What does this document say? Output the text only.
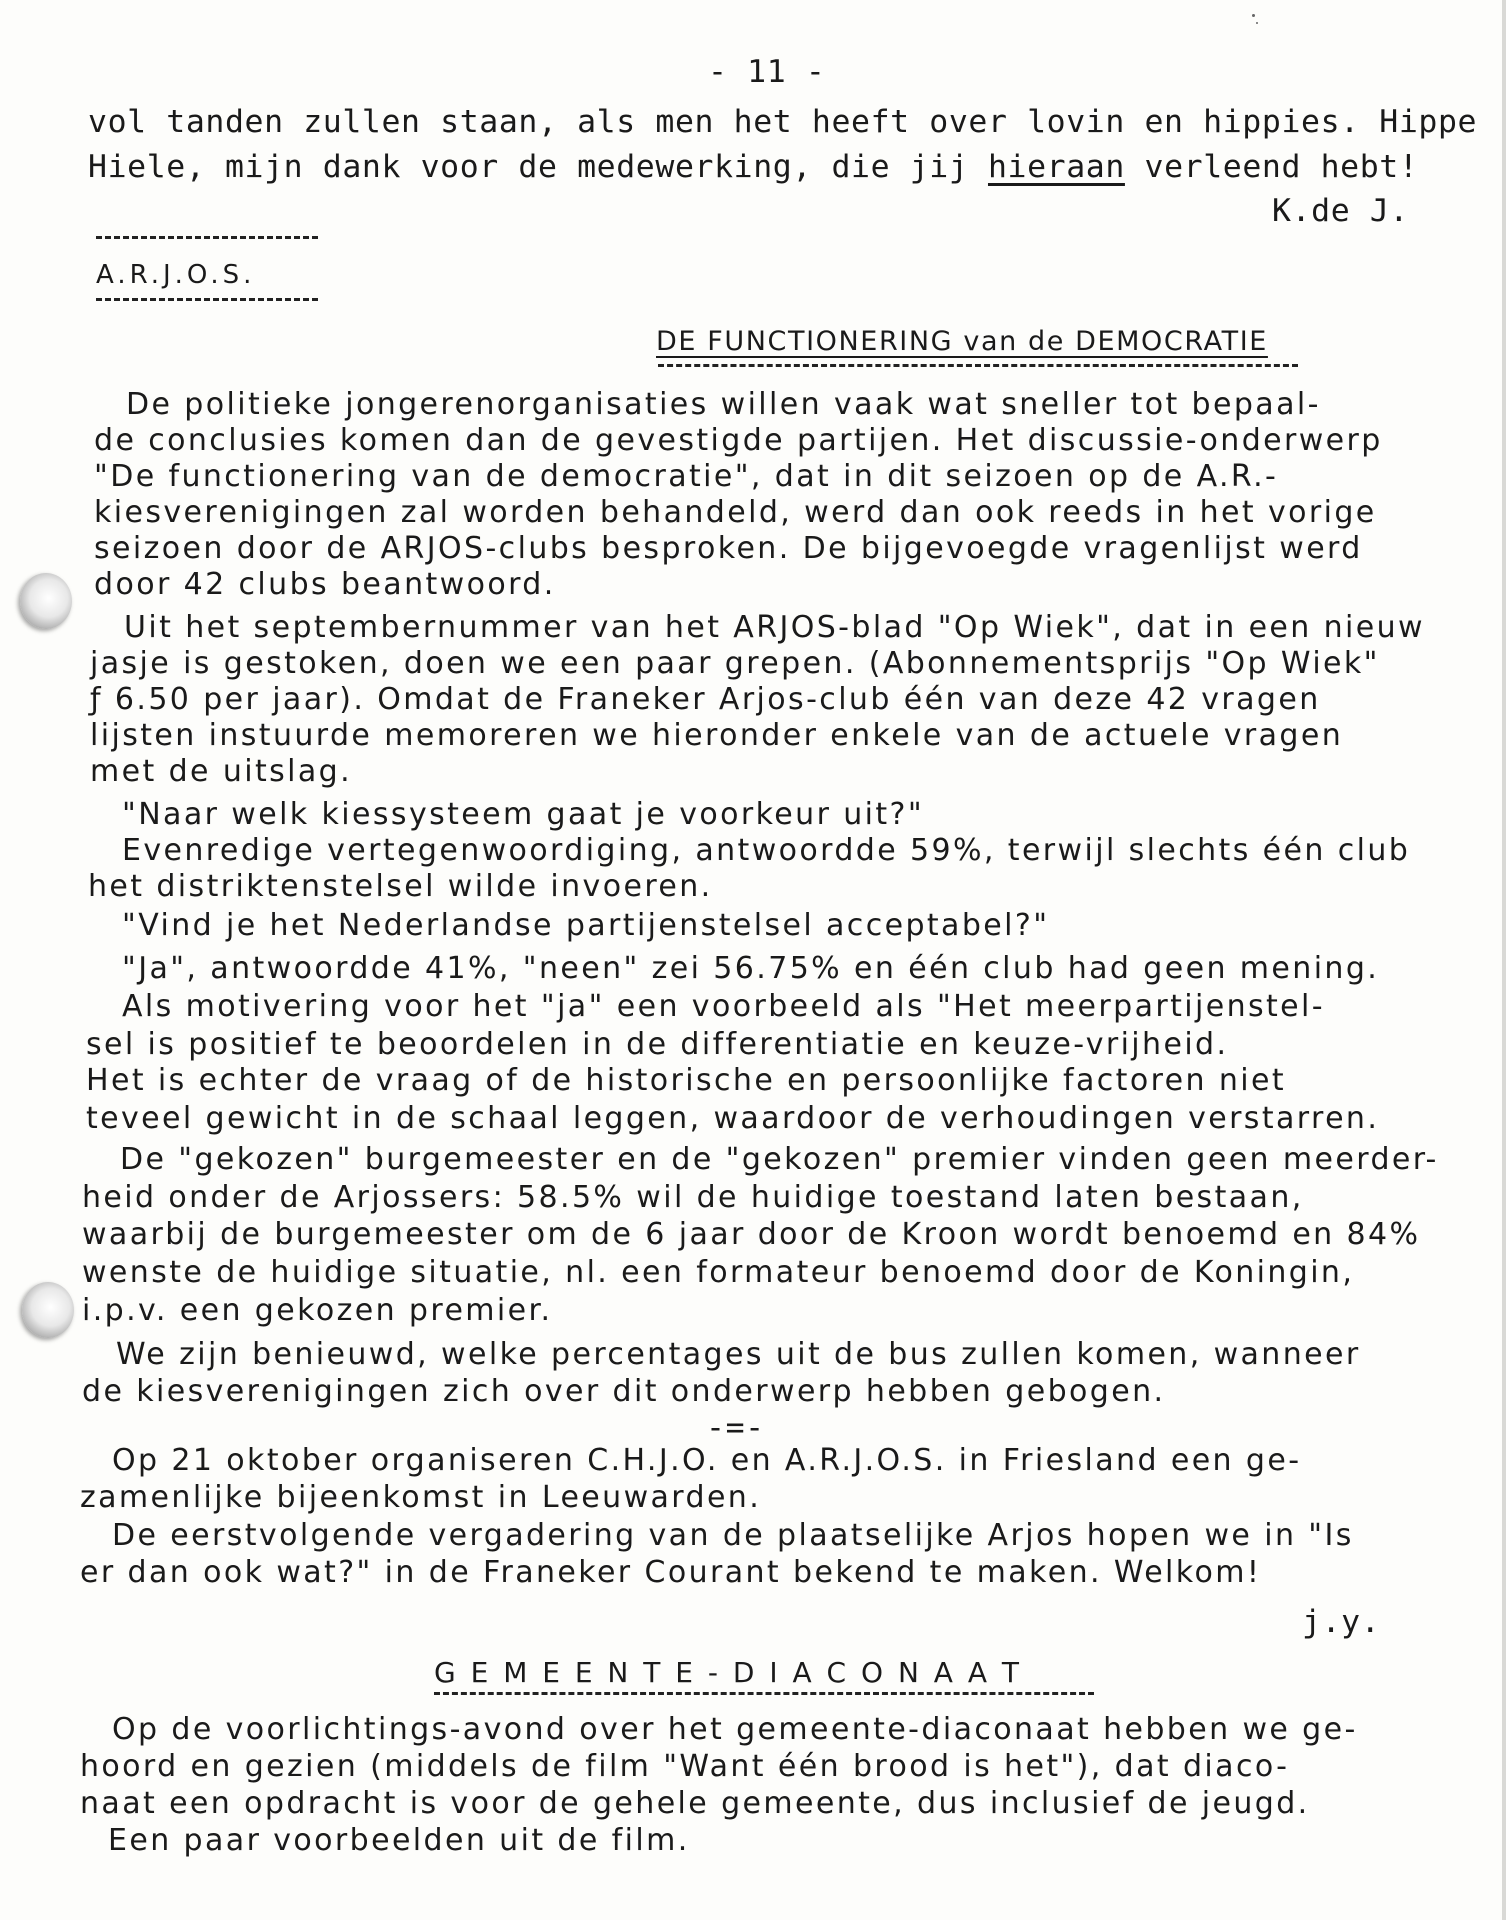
- 11 -
vol tanden zullen staan, als men het heeft over lovin en hippies. Hippe
Hiele, mijn dank voor de medewerking, die jij hieraan verleend hebt!
K.de J.
A.R.J.O.S.
DE FUNCTIONERING van de DEMOCRATIE
De politieke jongerenorganisaties willen vaak wat sneller tot bepaal-
de conclusies komen dan de gevestigde partijen. Het discussie-onderwerp
"De functionering van de democratie", dat in dit seizoen op de A.R.-
kiesverenigingen zal worden behandeld, werd dan ook reeds in het vorige
seizoen door de ARJOS-clubs besproken. De bijgevoegde vragenlijst werd
door 42 clubs beantwoord.
Uit het septembernummer van het ARJOS-blad "Op Wiek", dat in een nieuw
jasje is gestoken, doen we een paar grepen. (Abonnementsprijs "Op Wiek"
ƒ 6.50 per jaar). Omdat de Franeker Arjos-club één van deze 42 vragen
lijsten instuurde memoreren we hieronder enkele van de actuele vragen
met de uitslag.
"Naar welk kiessysteem gaat je voorkeur uit?"
Evenredige vertegenwoordiging, antwoordde 59%, terwijl slechts één club
het distriktenstelsel wilde invoeren.
"Vind je het Nederlandse partijenstelsel acceptabel?"
"Ja", antwoordde 41%, "neen" zei 56.75% en één club had geen mening.
Als motivering voor het "ja" een voorbeeld als "Het meerpartijenstel-
sel is positief te beoordelen in de differentiatie en keuze-vrijheid.
Het is echter de vraag of de historische en persoonlijke factoren niet
teveel gewicht in de schaal leggen, waardoor de verhoudingen verstarren.
De "gekozen" burgemeester en de "gekozen" premier vinden geen meerder-
heid onder de Arjossers: 58.5% wil de huidige toestand laten bestaan,
waarbij de burgemeester om de 6 jaar door de Kroon wordt benoemd en 84%
wenste de huidige situatie, nl. een formateur benoemd door de Koningin,
i.p.v. een gekozen premier.
We zijn benieuwd, welke percentages uit de bus zullen komen, wanneer
de kiesverenigingen zich over dit onderwerp hebben gebogen.
-=-
Op 21 oktober organiseren C.H.J.O. en A.R.J.O.S. in Friesland een ge-
zamenlijke bijeenkomst in Leeuwarden.
De eerstvolgende vergadering van de plaatselijke Arjos hopen we in "Is
er dan ook wat?" in de Franeker Courant bekend te maken. Welkom!
j.y.
G E M E E N T E - D I A C O N A A T
Op de voorlichtings-avond over het gemeente-diaconaat hebben we ge-
hoord en gezien (middels de film "Want één brood is het"), dat diaco-
naat een opdracht is voor de gehele gemeente, dus inclusief de jeugd.
Een paar voorbeelden uit de film.
